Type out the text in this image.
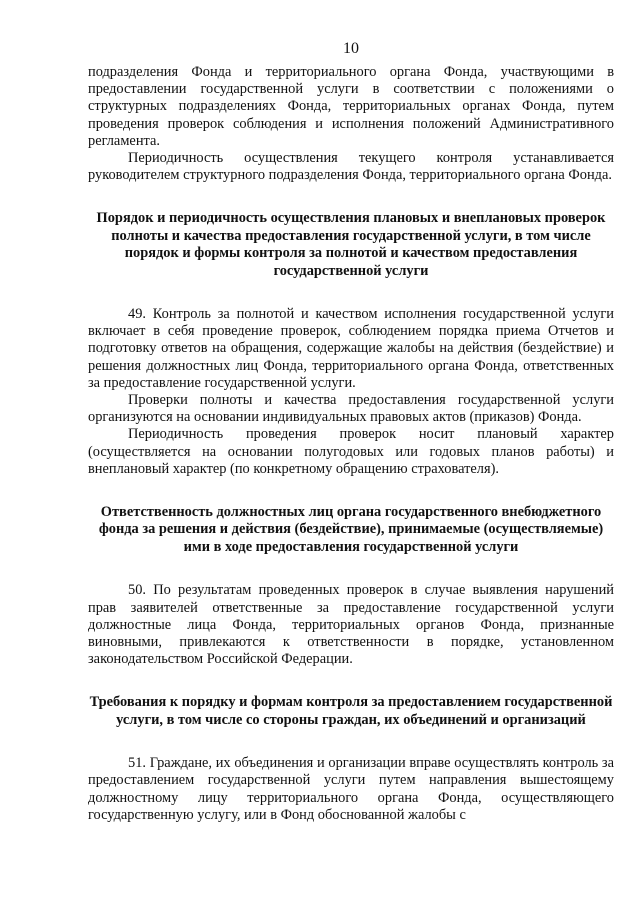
10

подразделения Фонда и территориального органа Фонда, участвующими в предоставлении государственной услуги в соответствии с положениями о структурных подразделениях Фонда, территориальных органах Фонда, путем проведения проверок соблюдения и исполнения положений Административного регламента.

Периодичность осуществления текущего контроля устанавливается руководителем структурного подразделения Фонда, территориального органа Фонда.

Порядок и периодичность осуществления плановых и внеплановых проверок полноты и качества предоставления государственной услуги, в том числе порядок и формы контроля за полнотой и качеством предоставления государственной услуги

49. Контроль за полнотой и качеством исполнения государственной услуги включает в себя проведение проверок, соблюдением порядка приема Отчетов и подготовку ответов на обращения, содержащие жалобы на действия (бездействие) и решения должностных лиц Фонда, территориального органа Фонда, ответственных за предоставление государственной услуги.

Проверки полноты и качества предоставления государственной услуги организуются на основании индивидуальных правовых актов (приказов) Фонда.

Периодичность проведения проверок носит плановый характер (осуществляется на основании полугодовых или годовых планов работы) и внеплановый характер (по конкретному обращению страхователя).

Ответственность должностных лиц органа государственного внебюджетного фонда за решения и действия (бездействие), принимаемые (осуществляемые) ими в ходе предоставления государственной услуги

50. По результатам проведенных проверок в случае выявления нарушений прав заявителей ответственные за предоставление государственной услуги должностные лица Фонда, территориальных органов Фонда, признанные виновными, привлекаются к ответственности в порядке, установленном законодательством Российской Федерации.

Требования к порядку и формам контроля за предоставлением государственной услуги, в том числе со стороны граждан, их объединений и организаций

51. Граждане, их объединения и организации вправе осуществлять контроль за предоставлением государственной услуги путем направления вышестоящему должностному лицу территориального органа Фонда, осуществляющего государственную услугу, или в Фонд обоснованной жалобы с
